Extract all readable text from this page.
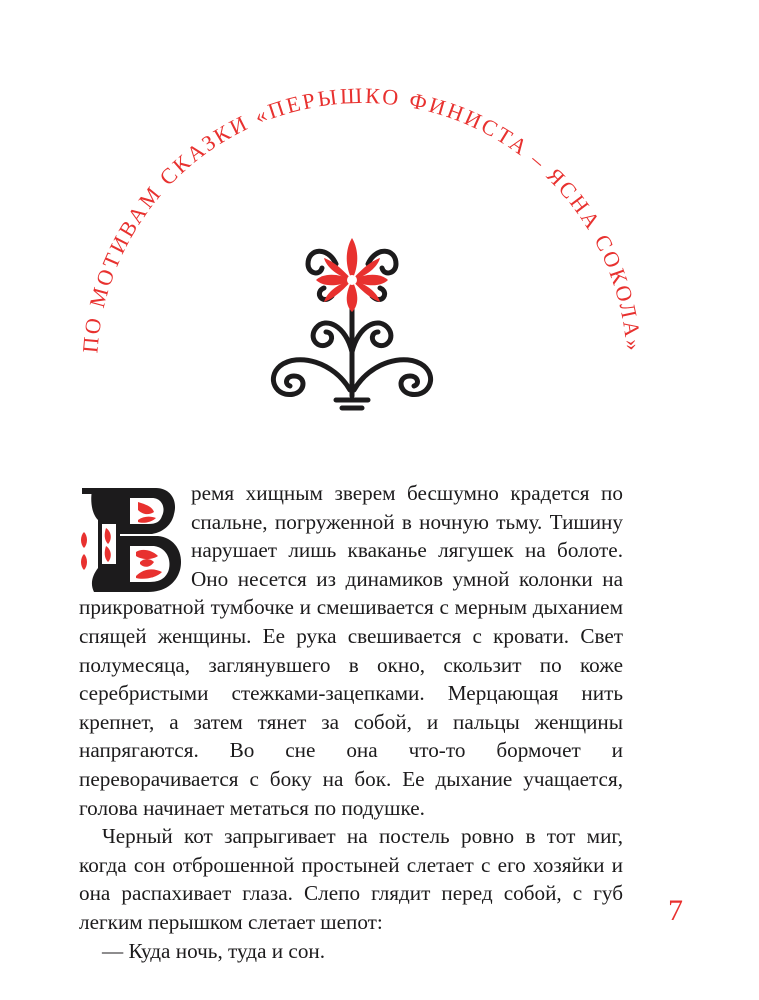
ПО МОТИВАМ СКАЗКИ «ПЕРЫШКО ФИНИСТА – ЯСНА СОКОЛА»
В	ремя хищным зверем бесшумно крадется по спальне, погруженной в ночную тьму. Тишину нарушает лишь кваканье лягушек на болоте. Оно несется из динамиков умной колонки на прикроватной тумбочке и смешивается с мерным дыханием спящей женщины. Ее рука свешивается с кровати. Свет полумесяца, заглянувшего в окно, скользит по коже серебристыми стежками-зацепками. Мерцающая нить крепнет, а затем тянет за собой, и пальцы женщины напрягаются. Во сне она что-то бормочет и переворачивается с боку на бок. Ее дыхание учащается, голова начинает метаться по подушке.

Черный кот запрыгивает на постель ровно в тот миг, когда сон отброшенной простыней слетает с его хозяйки и она распахивает глаза. Слепо глядит перед собой, с губ легким перышком слетает шепот:

— Куда ночь, туда и сон.

7
